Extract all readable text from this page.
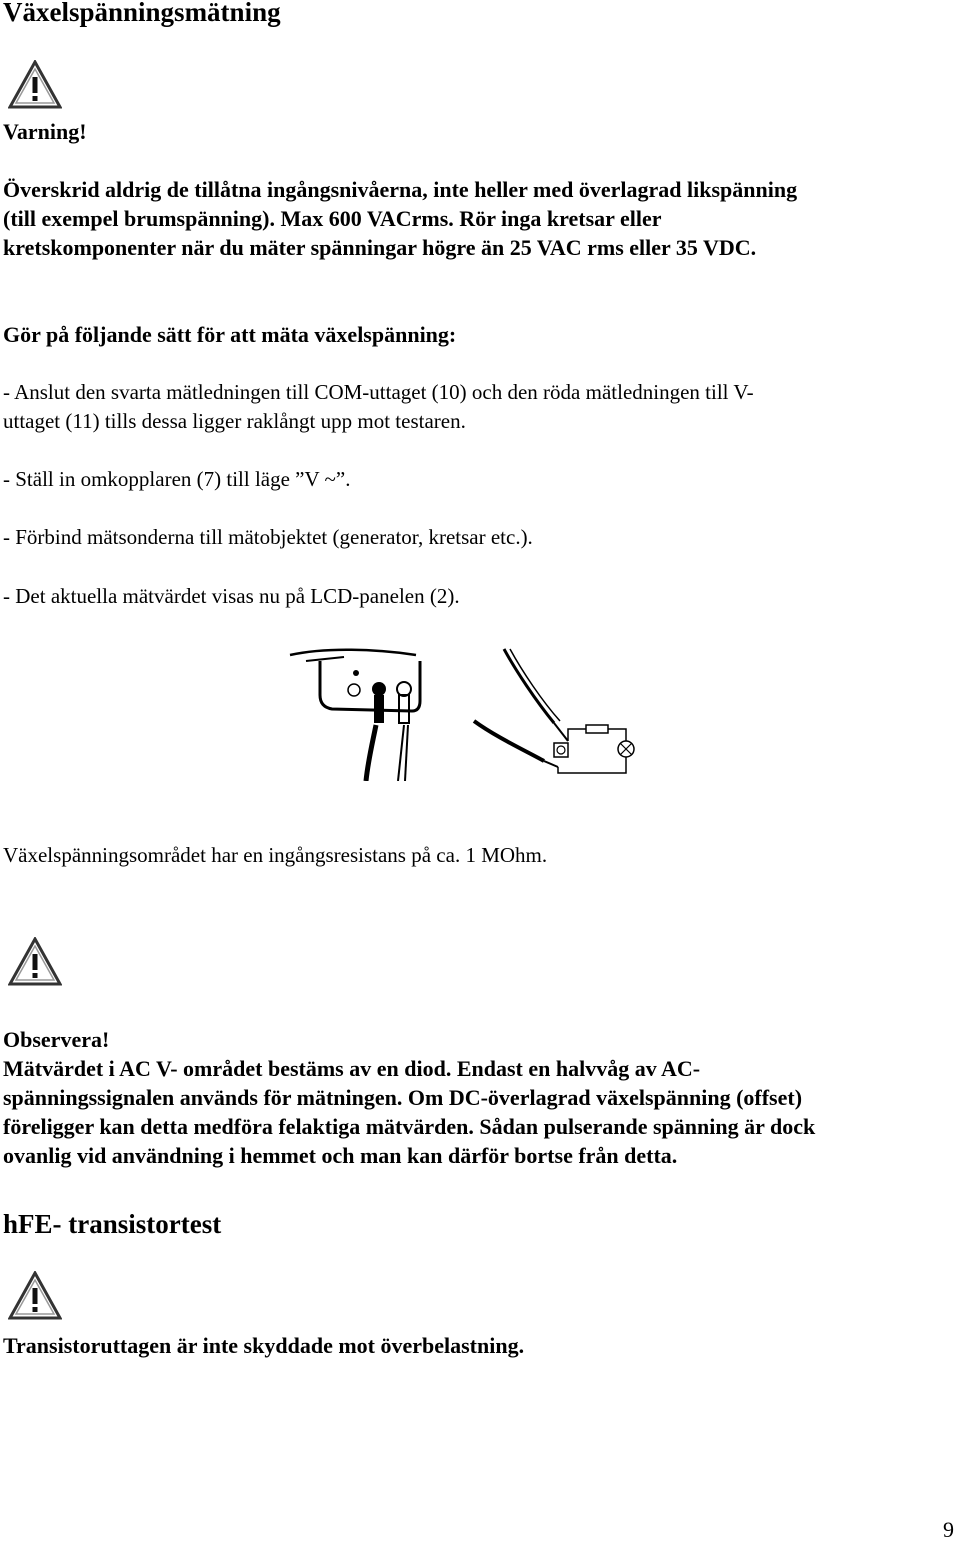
Växelspänningsmätning
Varning!
Överskrid aldrig de tillåtna ingångsnivåerna, inte heller med överlagrad likspänning
(till exempel brumspänning). Max 600 VACrms. Rör inga kretsar eller
kretskomponenter när du mäter spänningar högre än 25 VAC rms eller 35 VDC.
Gör på följande sätt för att mäta växelspänning:
- Anslut den svarta mätledningen till COM-uttaget (10) och den röda mätledningen till V-
uttaget (11) tills dessa ligger raklångt upp mot testaren.
- Ställ in omkopplaren (7) till läge ”V ~”.
- Förbind mätsonderna till mätobjektet (generator, kretsar etc.).
- Det aktuella mätvärdet visas nu på LCD-panelen (2).
Växelspänningsområdet har en ingångsresistans på ca. 1 MOhm.
Observera!
Mätvärdet i AC V- området bestäms av en diod. Endast en halvvåg av AC-
spänningssignalen används för mätningen. Om DC-överlagrad växelspänning (offset)
föreligger kan detta medföra felaktiga mätvärden. Sådan pulserande spänning är dock
ovanlig vid användning i hemmet och man kan därför bortse från detta.
hFE- transistortest
Transistoruttagen är inte skyddade mot överbelastning.
9
